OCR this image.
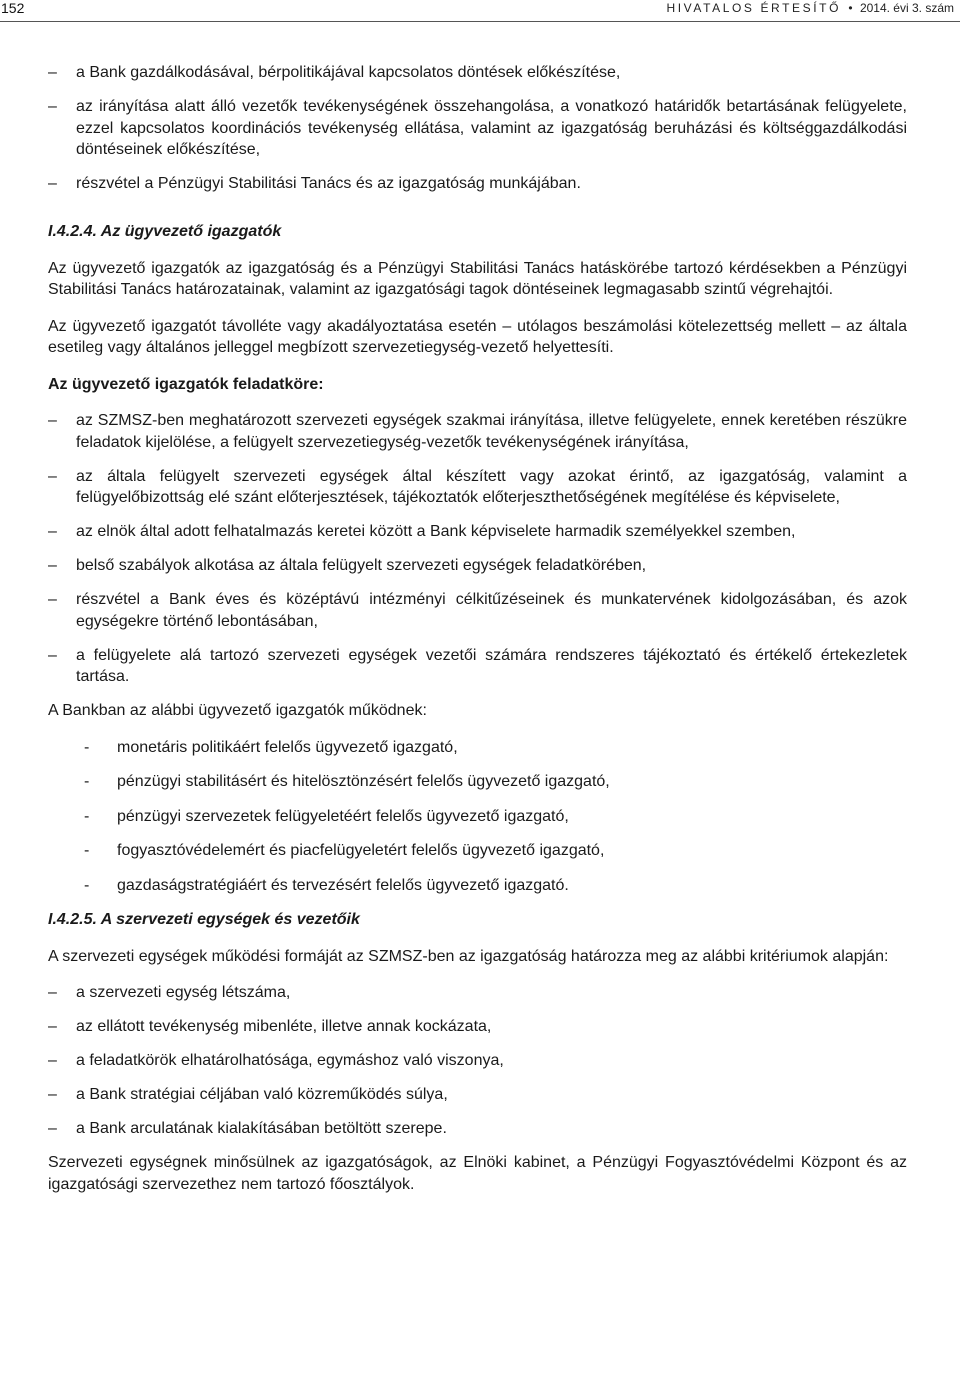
152	HIVATALOS ÉRTESÍTŐ • 2014. évi 3. szám
– a Bank gazdálkodásával, bérpolitikájával kapcsolatos döntések előkészítése,
– az irányítása alatt álló vezetők tevékenységének összehangolása, a vonatkozó határidők betartásának felügyelete, ezzel kapcsolatos koordinációs tevékenység ellátása, valamint az igazgatóság beruházási és költséggazdálkodási döntéseinek előkészítése,
– részvétel a Pénzügyi Stabilitási Tanács és az igazgatóság munkájában.
I.4.2.4. Az ügyvezető igazgatók

Az ügyvezető igazgatók az igazgatóság és a Pénzügyi Stabilitási Tanács hatáskörébe tartozó kérdésekben a Pénzügyi Stabilitási Tanács határozatainak, valamint az igazgatósági tagok döntéseinek legmagasabb szintű végrehajtói.

Az ügyvezető igazgatót távolléte vagy akadályoztatása esetén – utólagos beszámolási kötelezettség mellett – az általa esetileg vagy általános jelleggel megbízott szervezetiegység-vezető helyettesíti.

Az ügyvezető igazgatók feladatköre:
– az SZMSZ-ben meghatározott szervezeti egységek szakmai irányítása, illetve felügyelete, ennek keretében részükre feladatok kijelölése, a felügyelt szervezetiegység-vezetők tevékenységének irányítása,
– az általa felügyelt szervezeti egységek által készített vagy azokat érintő, az igazgatóság, valamint a felügyelőbizottság elé szánt előterjesztések, tájékoztatók előterjeszthetőségének megítélése és képviselete,
– az elnök által adott felhatalmazás keretei között a Bank képviselete harmadik személyekkel szemben,
– belső szabályok alkotása az általa felügyelt szervezeti egységek feladatkörében,
– részvétel a Bank éves és középtávú intézményi célkitűzéseinek és munkatervének kidolgozásában, és azok egységekre történő lebontásában,
– a felügyelete alá tartozó szervezeti egységek vezetői számára rendszeres tájékoztató és értékelő értekezletek tartása.

A Bankban az alábbi ügyvezető igazgatók működnek:

- monetáris politikáért felelős ügyvezető igazgató,
- pénzügyi stabilitásért és hitelösztönzésért felelős ügyvezető igazgató,
- pénzügyi szervezetek felügyeletéért felelős ügyvezető igazgató,
- fogyasztóvédelemért és piacfelügyeletért felelős ügyvezető igazgató,
- gazdaságstratégiáért és tervezésért felelős ügyvezető igazgató.
I.4.2.5. A szervezeti egységek és vezetőik

A szervezeti egységek működési formáját az SZMSZ-ben az igazgatóság határozza meg az alábbi kritériumok alapján:

– a szervezeti egység létszáma,
– az ellátott tevékenység mibenléte, illetve annak kockázata,
– a feladatkörök elhatárolhatósága, egymáshoz való viszonya,
– a Bank stratégiai céljában való közreműködés súlya,
– a Bank arculatának kialakításában betöltött szerepe.

Szervezeti egységnek minősülnek az igazgatóságok, az Elnöki kabinet, a Pénzügyi Fogyasztóvédelmi Központ és az igazgatósági szervezethez nem tartozó főosztályok.
